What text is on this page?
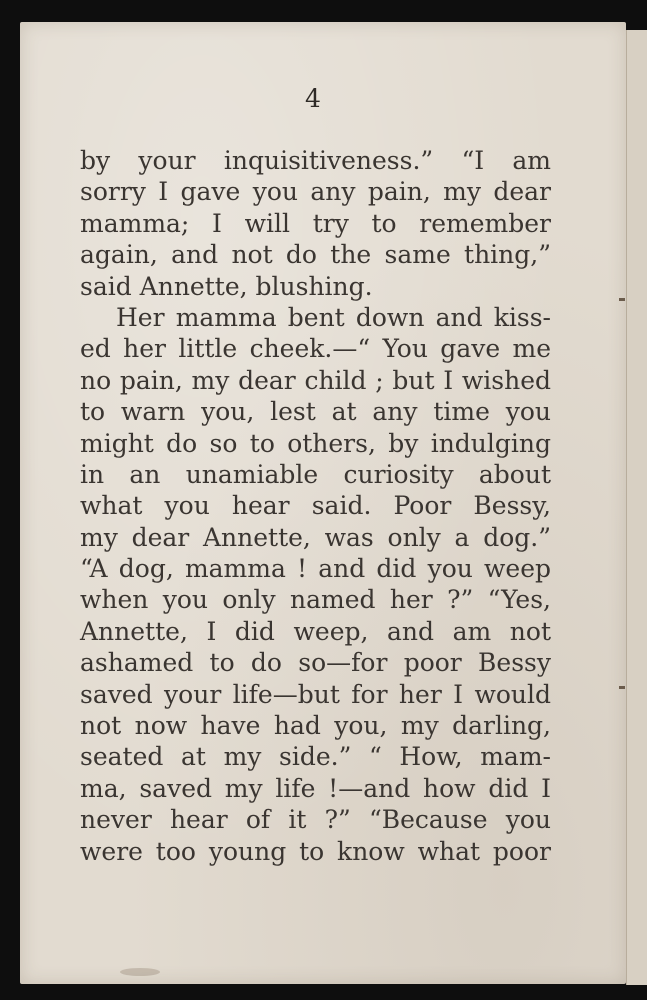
4
by your inquisitiveness.” “I am
sorry I gave you any pain, my dear
mamma; I will try to remember
again, and not do the same thing,”
said Annette, blushing.
Her mamma bent down and kiss-
ed her little cheek.—“ You gave me
no pain, my dear child ; but I wished
to warn you, lest at any time you
might do so to others, by indulging
in an unamiable curiosity about
what you hear said. Poor Bessy,
my dear Annette, was only a dog.”
“A dog, mamma ! and did you weep
when you only named her ?” “Yes,
Annette, I did weep, and am not
ashamed to do so—for poor Bessy
saved your life—but for her I would
not now have had you, my darling,
seated at my side.” “ How, mam-
ma, saved my life !—and how did I
never hear of it ?” “Because you
were too young to know what poor
